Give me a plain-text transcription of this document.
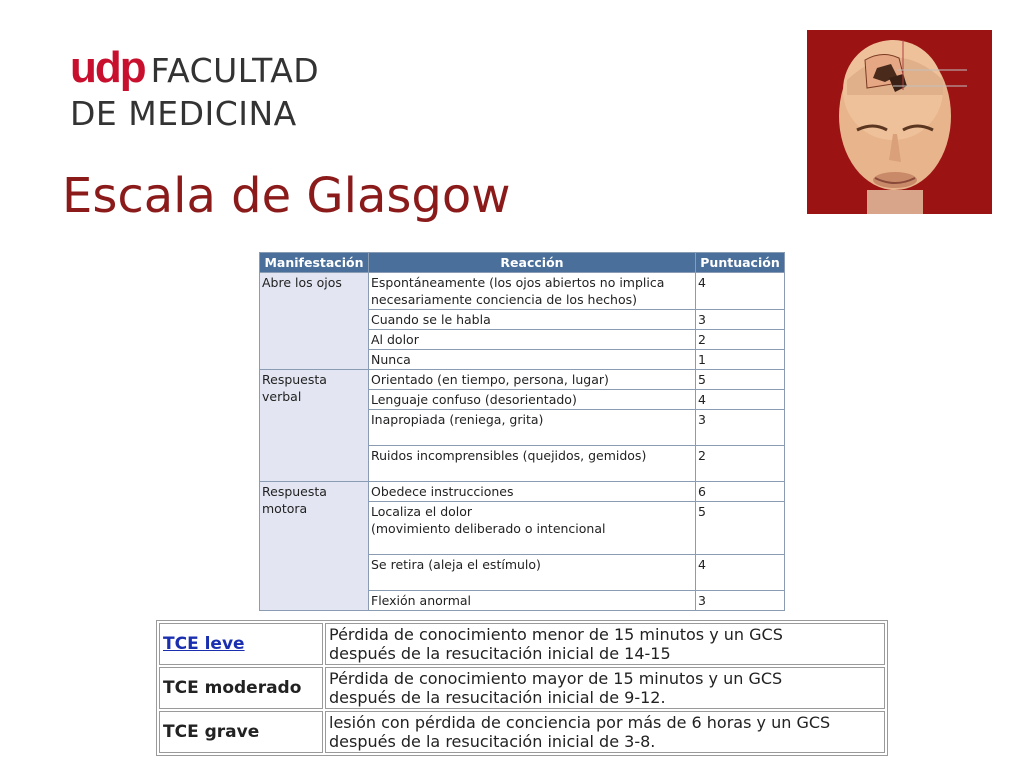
udp FACULTAD
DE MEDICINA
Escala de Glasgow
Manifestación	Reacción	Puntuación
Abre los ojos	Espontáneamente (los ojos abiertos no implica necesariamente conciencia de los hechos)	4
	Cuando se le habla	3
	Al dolor	2
	Nunca	1
Respuesta verbal	Orientado (en tiempo, persona, lugar)	5
	Lenguaje confuso (desorientado)	4
	Inapropiada (reniega, grita)	3
	Ruidos incomprensibles (quejidos, gemidos)	2
Respuesta motora	Obedece instrucciones	6
	Localiza el dolor
(movimiento deliberado o intencional	5
	Se retira (aleja el estímulo)	4
	Flexión anormal	3
TCE leve	Pérdida de conocimiento menor de 15 minutos y un GCS
después de la resucitación inicial de 14-15
TCE moderado	Pérdida de conocimiento mayor de 15 minutos y un GCS
después de la resucitación inicial de 9-12.
TCE grave	lesión con pérdida de conciencia por más de 6 horas y un GCS
después de la resucitación inicial de 3-8.
